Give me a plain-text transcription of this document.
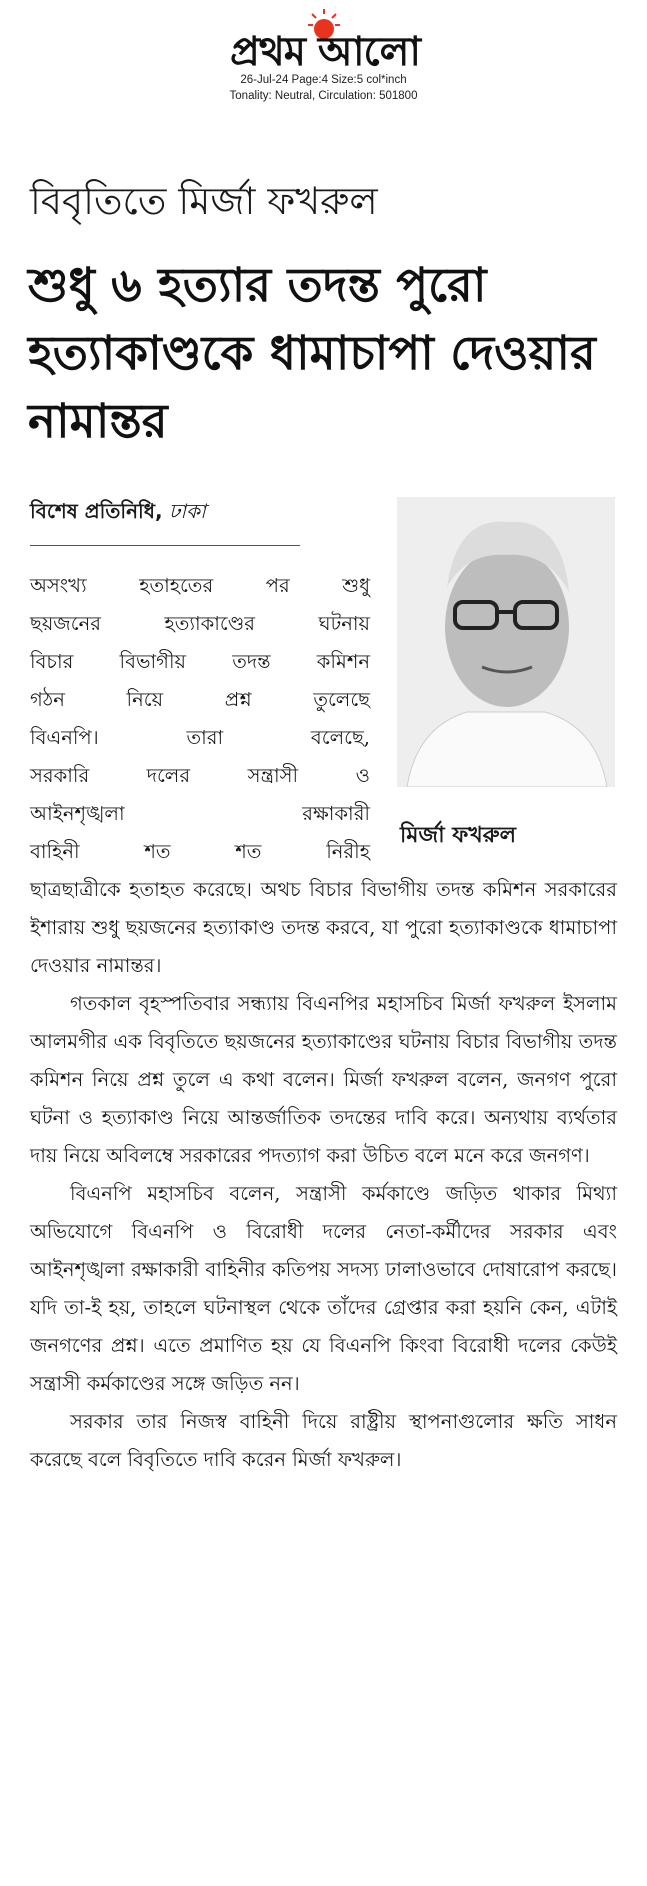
প্রথম আলো
26-Jul-24 Page:4 Size:5 col*inch
Tonality: Neutral, Circulation: 501800
বিবৃতিতে মির্জা ফখরুল
শুধু ৬ হত্যার তদন্ত পুরো হত্যাকাণ্ডকে ধামাচাপা দেওয়ার নামান্তর
বিশেষ প্রতিনিধি, ঢাকা
মির্জা ফখরুল
অসংখ্য হতাহতের পর শুধু
ছয়জনের হত্যাকাণ্ডের ঘটনায়
বিচার বিভাগীয় তদন্ত কমিশন
গঠন নিয়ে প্রশ্ন তুলেছে
বিএনপি। তারা বলেছে,
সরকারি দলের সন্ত্রাসী ও
আইনশৃঙ্খলা রক্ষাকারী
বাহিনী শত শত নিরীহ

ছাত্রছাত্রীকে হতাহত করেছে। অথচ বিচার বিভাগীয় তদন্ত কমিশন সরকারের ইশারায় শুধু ছয়জনের হত্যাকাণ্ড তদন্ত করবে, যা পুরো হত্যাকাণ্ডকে ধামাচাপা দেওয়ার নামান্তর।

গতকাল বৃহস্পতিবার সন্ধ্যায় বিএনপির মহাসচিব মির্জা ফখরুল ইসলাম আলমগীর এক বিবৃতিতে ছয়জনের হত্যাকাণ্ডের ঘটনায় বিচার বিভাগীয় তদন্ত কমিশন নিয়ে প্রশ্ন তুলে এ কথা বলেন। মির্জা ফখরুল বলেন, জনগণ পুরো ঘটনা ও হত্যাকাণ্ড নিয়ে আন্তর্জাতিক তদন্তের দাবি করে। অন্যথায় ব্যর্থতার দায় নিয়ে অবিলম্বে সরকারের পদত্যাগ করা উচিত বলে মনে করে জনগণ।

বিএনপি মহাসচিব বলেন, সন্ত্রাসী কর্মকাণ্ডে জড়িত থাকার মিথ্যা অভিযোগে বিএনপি ও বিরোধী দলের নেতা-কর্মীদের সরকার এবং আইনশৃঙ্খলা রক্ষাকারী বাহিনীর কতিপয় সদস্য ঢালাওভাবে দোষারোপ করছে। যদি তা-ই হয়, তাহলে ঘটনাস্থল থেকে তাঁদের গ্রেপ্তার করা হয়নি কেন, এটাই জনগণের প্রশ্ন। এতে প্রমাণিত হয় যে বিএনপি কিংবা বিরোধী দলের কেউই সন্ত্রাসী কর্মকাণ্ডের সঙ্গে জড়িত নন।

সরকার তার নিজস্ব বাহিনী দিয়ে রাষ্ট্রীয় স্থাপনাগুলোর ক্ষতি সাধন করেছে বলে বিবৃতিতে দাবি করেন মির্জা ফখরুল।
